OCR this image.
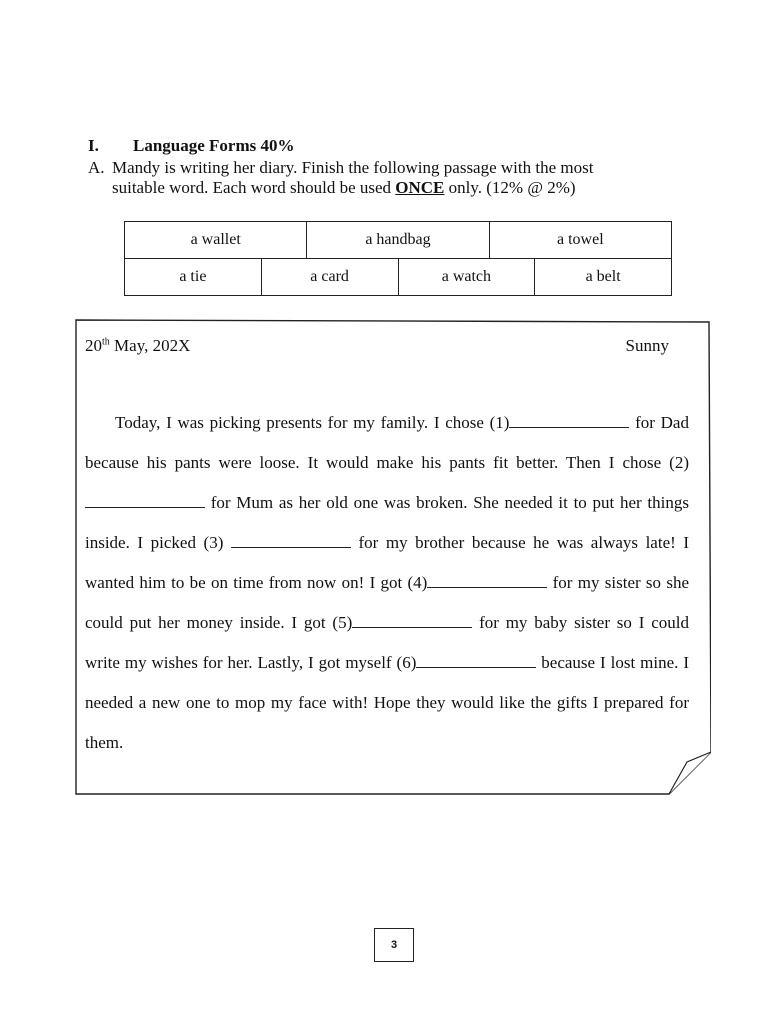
I. Language Forms 40%
A. Mandy is writing her diary. Finish the following passage with the most
suitable word. Each word should be used ONCE only. (12% @ 2%)
a wallet	a handbag	a towel
a tie	a card	a watch	a belt
20th May, 202X	Sunny

Today, I was picking presents for my family. I chose (1)	for Dad because his pants were loose. It would make his pants fit better. Then I chose (2) for Mum as her old one was broken. She needed it to put her things inside. I picked (3)	for my brother because he was always late! I wanted him to be on time from now on! I got (4)	for my sister so she could put her money inside. I got (5)	for my baby sister so I could write my wishes for her. Lastly, I got myself (6)	because I lost mine. I needed a new one to mop my face with! Hope they would like the gifts I prepared for them.

3
